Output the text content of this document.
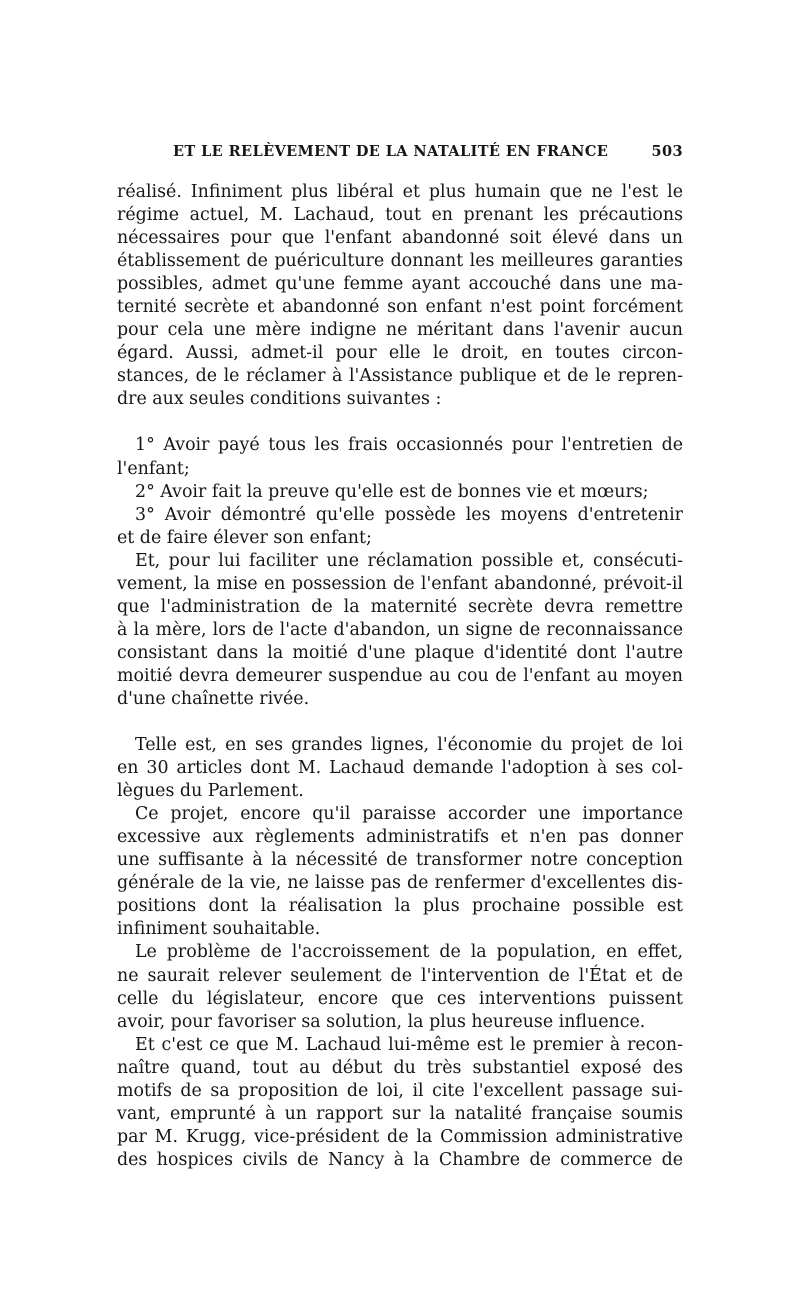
ET LE RELÈVEMENT DE LA NATALITÉ EN FRANCE	503
réalisé. Infiniment plus libéral et plus humain que ne l'est le
régime actuel, M. Lachaud, tout en prenant les précautions
nécessaires pour que l'enfant abandonné soit élevé dans un
établissement de puériculture donnant les meilleures garanties
possibles, admet qu'une femme ayant accouché dans une ma-
ternité secrète et abandonné son enfant n'est point forcément
pour cela une mère indigne ne méritant dans l'avenir aucun
égard. Aussi, admet-il pour elle le droit, en toutes circon-
stances, de le réclamer à l'Assistance publique et de le repren-
dre aux seules conditions suivantes :
1° Avoir payé tous les frais occasionnés pour l'entretien de
l'enfant;
2° Avoir fait la preuve qu'elle est de bonnes vie et mœurs;
3° Avoir démontré qu'elle possède les moyens d'entretenir
et de faire élever son enfant;
Et, pour lui faciliter une réclamation possible et, consécuti-
vement, la mise en possession de l'enfant abandonné, prévoit-il
que l'administration de la maternité secrète devra remettre
à la mère, lors de l'acte d'abandon, un signe de reconnaissance
consistant dans la moitié d'une plaque d'identité dont l'autre
moitié devra demeurer suspendue au cou de l'enfant au moyen
d'une chaînette rivée.
Telle est, en ses grandes lignes, l'économie du projet de loi
en 30 articles dont M. Lachaud demande l'adoption à ses col-
lègues du Parlement.
Ce projet, encore qu'il paraisse accorder une importance
excessive aux règlements administratifs et n'en pas donner
une suffisante à la nécessité de transformer notre conception
générale de la vie, ne laisse pas de renfermer d'excellentes dis-
positions dont la réalisation la plus prochaine possible est
infiniment souhaitable.
Le problème de l'accroissement de la population, en effet,
ne saurait relever seulement de l'intervention de l'État et de
celle du législateur, encore que ces interventions puissent
avoir, pour favoriser sa solution, la plus heureuse influence.
Et c'est ce que M. Lachaud lui-même est le premier à recon-
naître quand, tout au début du très substantiel exposé des
motifs de sa proposition de loi, il cite l'excellent passage sui-
vant, emprunté à un rapport sur la natalité française soumis
par M. Krugg, vice-président de la Commission administrative
des hospices civils de Nancy à la Chambre de commerce de
